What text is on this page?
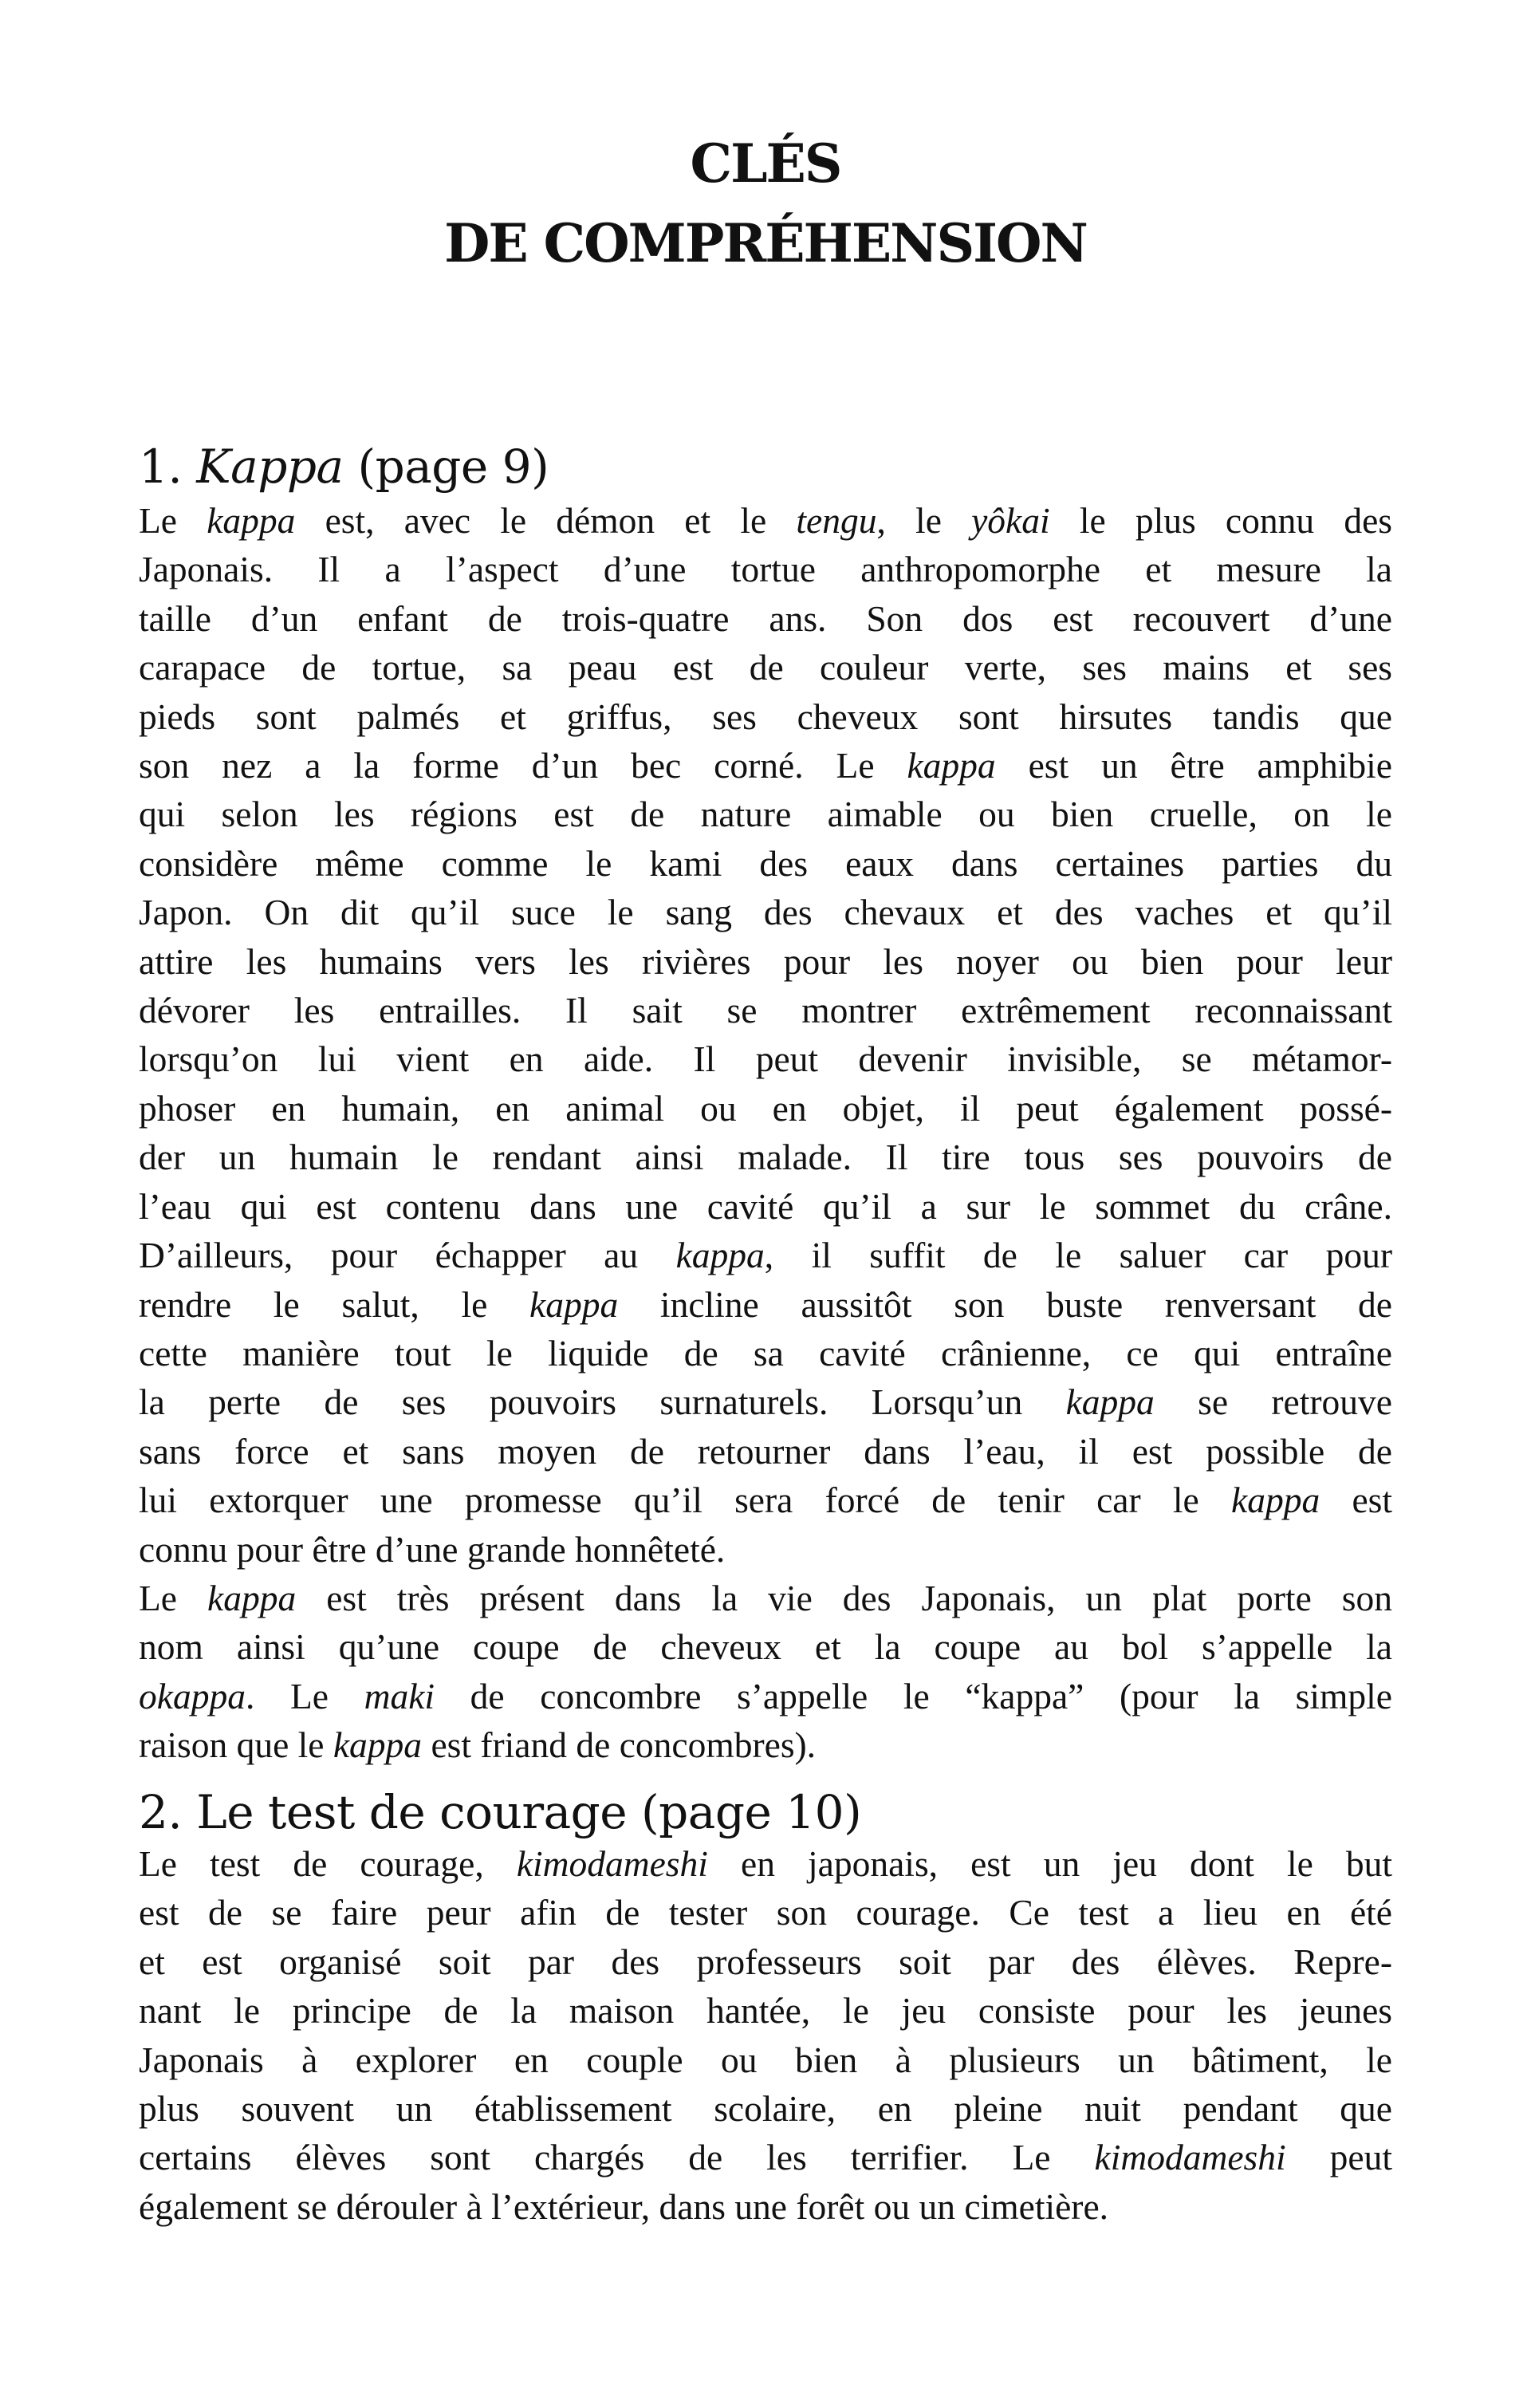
CLÉS
DE COMPRÉHENSION
1. Kappa (page 9)
Le kappa est, avec le démon et le tengu, le yôkai le plus connu des
Japonais. Il a l’aspect d’une tortue anthropomorphe et mesure la
taille d’un enfant de trois-quatre ans. Son dos est recouvert d’une
carapace de tortue, sa peau est de couleur verte, ses mains et ses
pieds sont palmés et griffus, ses cheveux sont hirsutes tandis que
son nez a la forme d’un bec corné. Le kappa est un être amphibie
qui selon les régions est de nature aimable ou bien cruelle, on le
considère même comme le kami des eaux dans certaines parties du
Japon. On dit qu’il suce le sang des chevaux et des vaches et qu’il
attire les humains vers les rivières pour les noyer ou bien pour leur
dévorer les entrailles. Il sait se montrer extrêmement reconnaissant
lorsqu’on lui vient en aide. Il peut devenir invisible, se métamor-
phoser en humain, en animal ou en objet, il peut également possé-
der un humain le rendant ainsi malade. Il tire tous ses pouvoirs de
l’eau qui est contenu dans une cavité qu’il a sur le sommet du crâne.
D’ailleurs, pour échapper au kappa, il suffit de le saluer car pour
rendre le salut, le kappa incline aussitôt son buste renversant de
cette manière tout le liquide de sa cavité crânienne, ce qui entraîne
la perte de ses pouvoirs surnaturels. Lorsqu’un kappa se retrouve
sans force et sans moyen de retourner dans l’eau, il est possible de
lui extorquer une promesse qu’il sera forcé de tenir car le kappa est
connu pour être d’une grande honnêteté.
Le kappa est très présent dans la vie des Japonais, un plat porte son
nom ainsi qu’une coupe de cheveux et la coupe au bol s’appelle la
okappa. Le maki de concombre s’appelle le “kappa” (pour la simple
raison que le kappa est friand de concombres).
2. Le test de courage (page 10)
Le test de courage, kimodameshi en japonais, est un jeu dont le but
est de se faire peur afin de tester son courage. Ce test a lieu en été
et est organisé soit par des professeurs soit par des élèves. Repre-
nant le principe de la maison hantée, le jeu consiste pour les jeunes
Japonais à explorer en couple ou bien à plusieurs un bâtiment, le
plus souvent un établissement scolaire, en pleine nuit pendant que
certains élèves sont chargés de les terrifier. Le kimodameshi peut
également se dérouler à l’extérieur, dans une forêt ou un cimetière.
